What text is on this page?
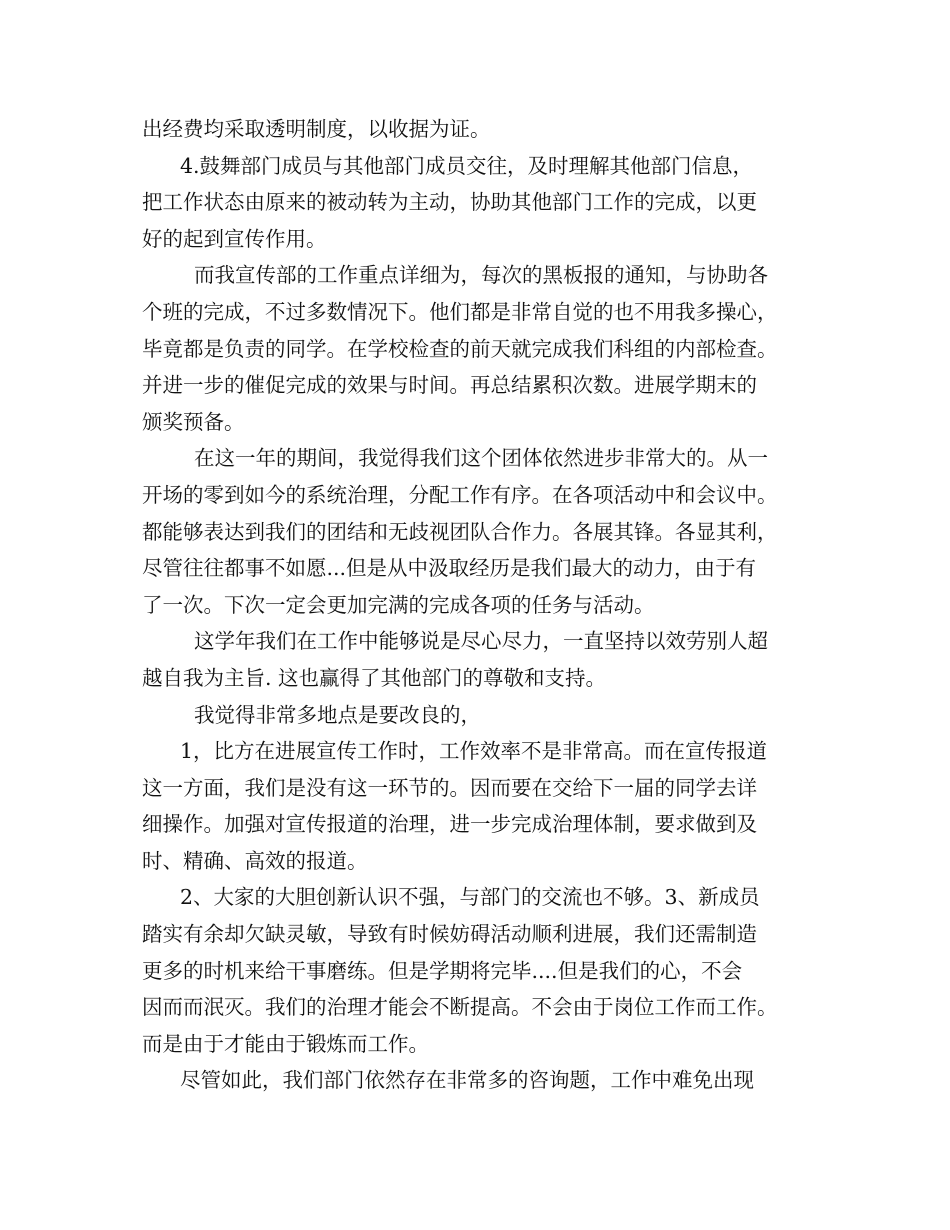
出经费均采取透明制度，以收据为证。
4.鼓舞部门成员与其他部门成员交往，及时理解其他部门信息，
把工作状态由原来的被动转为主动，协助其他部门工作的完成，以更
好的起到宣传作用。
而我宣传部的工作重点详细为，每次的黑板报的通知，与协助各
个班的完成，不过多数情况下。他们都是非常自觉的也不用我多操心，
毕竟都是负责的同学。在学校检查的前天就完成我们科组的内部检查。
并进一步的催促完成的效果与时间。再总结累积次数。进展学期末的
颁奖预备。
在这一年的期间，我觉得我们这个团体依然进步非常大的。从一
开场的零到如今的系统治理，分配工作有序。在各项活动中和会议中。
都能够表达到我们的团结和无歧视团队合作力。各展其锋。各显其利，
尽管往往都事不如愿...但是从中汲取经历是我们最大的动力，由于有
了一次。下次一定会更加完满的完成各项的任务与活动。
这学年我们在工作中能够说是尽心尽力，一直坚持以效劳别人超
越自我为主旨. 这也赢得了其他部门的尊敬和支持。
我觉得非常多地点是要改良的，
1，比方在进展宣传工作时，工作效率不是非常高。而在宣传报道
这一方面，我们是没有这一环节的。因而要在交给下一届的同学去详
细操作。加强对宣传报道的治理，进一步完成治理体制，要求做到及
时、精确、高效的报道。
2、大家的大胆创新认识不强，与部门的交流也不够。3、新成员
踏实有余却欠缺灵敏，导致有时候妨碍活动顺利进展，我们还需制造
更多的时机来给干事磨练。但是学期将完毕....但是我们的心，不会
因而而泯灭。我们的治理才能会不断提高。不会由于岗位工作而工作。
而是由于才能由于锻炼而工作。
尽管如此，我们部门依然存在非常多的咨询题，工作中难免出现
